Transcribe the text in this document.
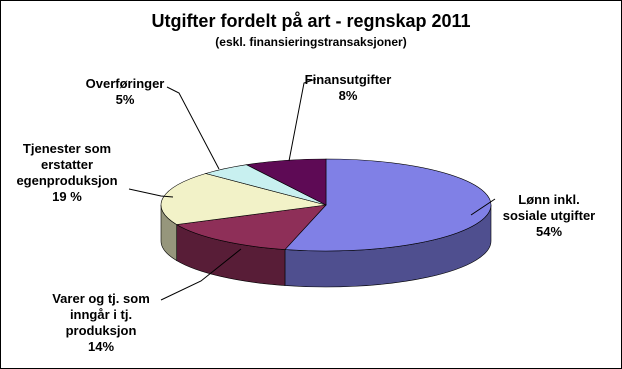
Utgifter fordelt på art - regnskap 2011
(eskl. finansieringstransaksjoner)
Lønn inkl. sosiale utgifter 54%
Varer og tj. som inngår i tj. produksjon 14%
Tjenester som erstatter egenproduksjon 19 %
Overføringer 5%
Finansutgifter 8%
